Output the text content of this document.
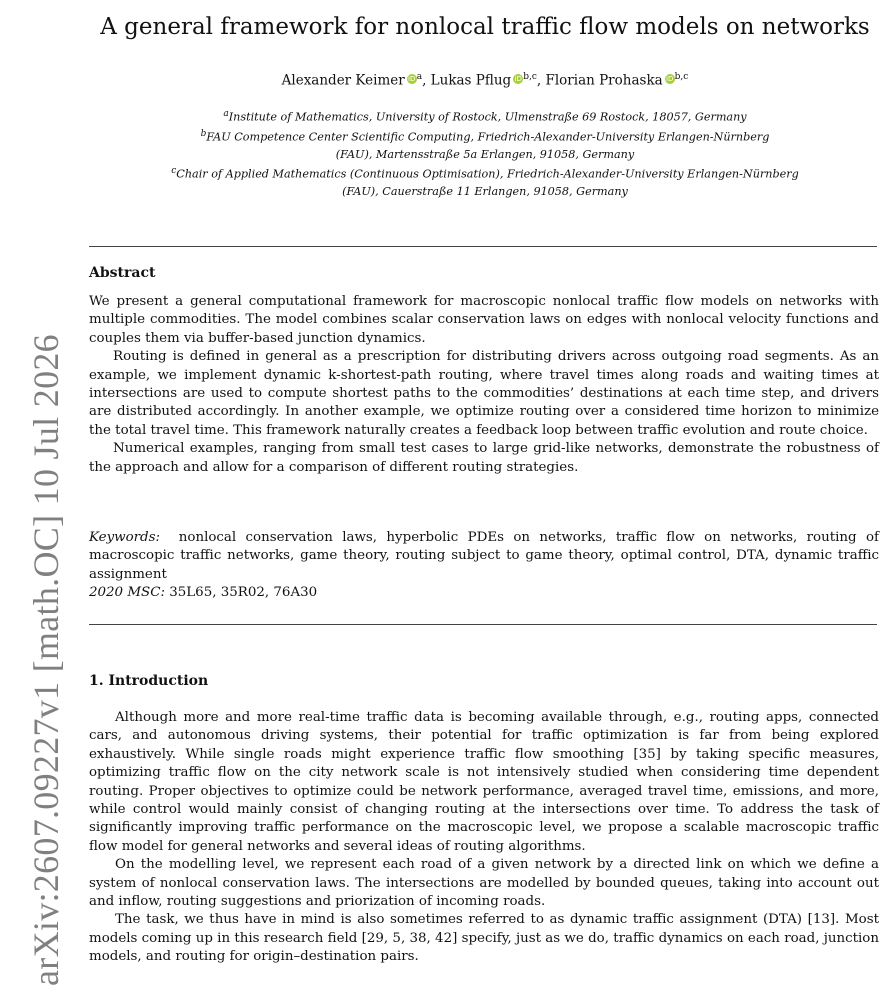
arXiv:2607.09227v1 [math.OC] 10 Jul 2026
A general framework for nonlocal traffic flow models on networks
Alexander Keimer $iD^a$, Lukas Pflug iD$^{b,c}$, Florian Prohaska iD$^{b,c}$
$^a$Institute of Mathematics, University of Rostock, Ulmenstraße 69 Rostock, 18057, Germany
$^b$FAU Competence Center Scientific Computing, Friedrich-Alexander-University Erlangen-Nürnberg
(FAU), Martensstraße 5a Erlangen, 91058, Germany
$^c$Chair of Applied Mathematics (Continuous Optimisation), Friedrich-Alexander-University Erlangen-Nürnberg
(FAU), Cauerstraße 11 Erlangen, 91058, Germany
Abstract

We present a general computational framework for macroscopic nonlocal traffic flow models on networks with multiple commodities. The model combines scalar conservation laws on edges with nonlocal velocity functions and couples them via buffer-based junction dynamics.

Routing is defined in general as a prescription for distributing drivers across outgoing road segments. As an example, we implement dynamic k-shortest-path routing, where travel times along roads and waiting times at intersections are used to compute shortest paths to the commodities’ destinations at each time step, and drivers are distributed accordingly. In another example, we optimize routing over a considered time horizon to minimize the total travel time. This framework naturally creates a feedback loop between traffic evolution and route choice.

Numerical examples, ranging from small test cases to large grid-like networks, demonstrate the robustness of the approach and allow for a comparison of different routing strategies.

Keywords: nonlocal conservation laws, hyperbolic PDEs on networks, traffic flow on networks, routing of macroscopic traffic networks, game theory, routing subject to game theory, optimal control, DTA, dynamic traffic assignment

2020 MSC: 35L65, 35R02, 76A30

1. Introduction

Although more and more real-time traffic data is becoming available through, e.g., routing apps, connected cars, and autonomous driving systems, their potential for traffic optimization is far from being explored exhaustively. While single roads might experience traffic flow smoothing [35] by taking specific measures, optimizing traffic flow on the city network scale is not intensively studied when considering time dependent routing. Proper objectives to optimize could be network performance, averaged travel time, emissions, and more, while control would mainly consist of changing routing at the intersections over time. To address the task of significantly improving traffic performance on the macroscopic level, we propose a scalable macroscopic traffic flow model for general networks and several ideas of routing algorithms.

On the modelling level, we represent each road of a given network by a directed link on which we define a system of nonlocal conservation laws. The intersections are modelled by bounded queues, taking into account out and inflow, routing suggestions and priorization of incoming roads.

The task, we thus have in mind is also sometimes referred to as dynamic traffic assignment (DTA) [13]. Most models coming up in this research field [29, 5, 38, 42] specify, just as we do, traffic dynamics on each road, junction models, and routing for origin–destination pairs.
